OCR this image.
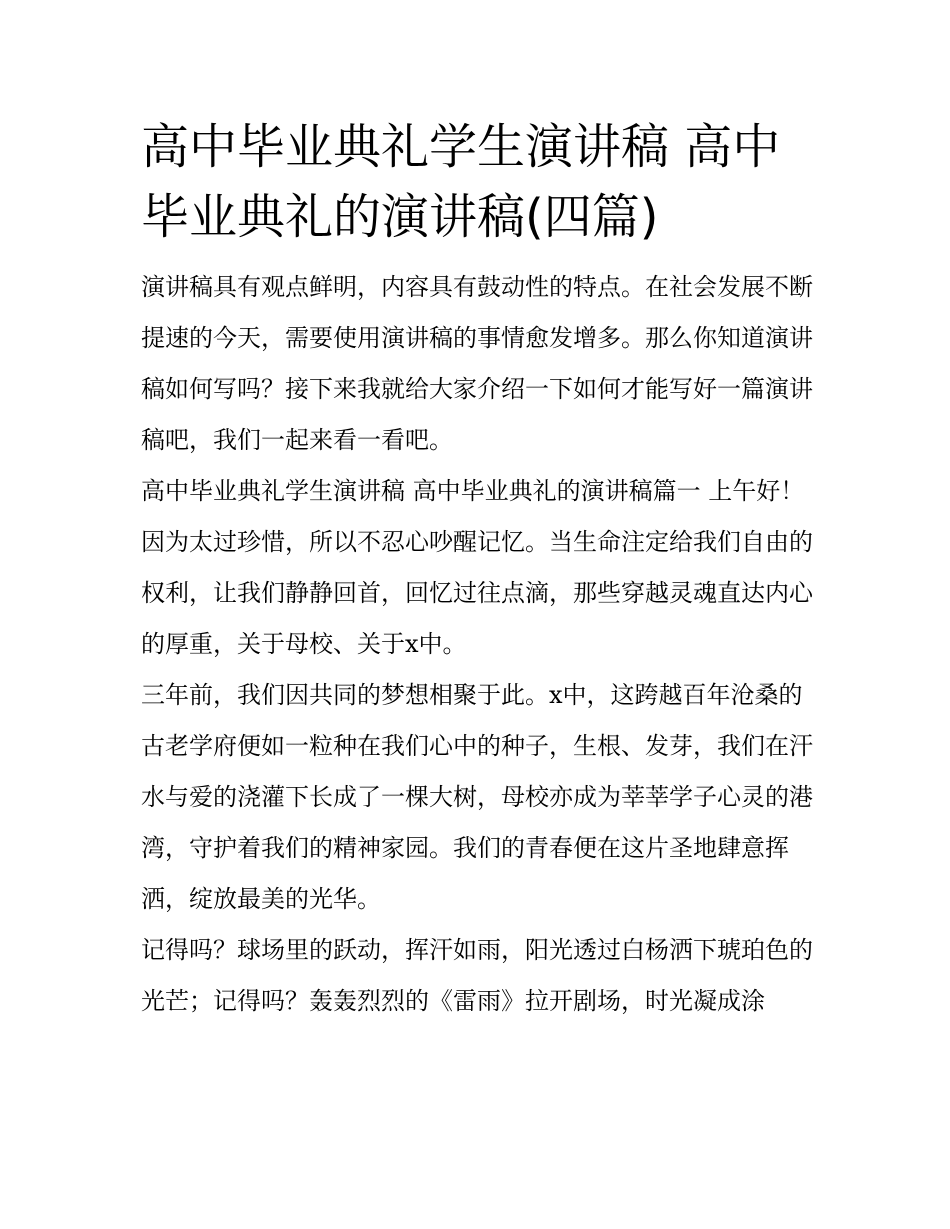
高中毕业典礼学生演讲稿 高中毕业典礼的演讲稿(四篇)

演讲稿具有观点鲜明，内容具有鼓动性的特点。在社会发展不断提速的今天，需要使用演讲稿的事情愈发增多。那么你知道演讲稿如何写吗？接下来我就给大家介绍一下如何才能写好一篇演讲稿吧，我们一起来看一看吧。

高中毕业典礼学生演讲稿 高中毕业典礼的演讲稿篇一 上午好！

因为太过珍惜，所以不忍心吵醒记忆。当生命注定给我们自由的权利，让我们静静回首，回忆过往点滴，那些穿越灵魂直达内心的厚重，关于母校、关于x中。

三年前，我们因共同的梦想相聚于此。x中，这跨越百年沧桑的古老学府便如一粒种在我们心中的种子，生根、发芽，我们在汗水与爱的浇灌下长成了一棵大树，母校亦成为莘莘学子心灵的港湾，守护着我们的精神家园。我们的青春便在这片圣地肆意挥洒，绽放最美的光华。

记得吗？球场里的跃动，挥汗如雨，阳光透过白杨洒下琥珀色的光芒；记得吗？轰轰烈烈的《雷雨》拉开剧场，时光凝成涂
